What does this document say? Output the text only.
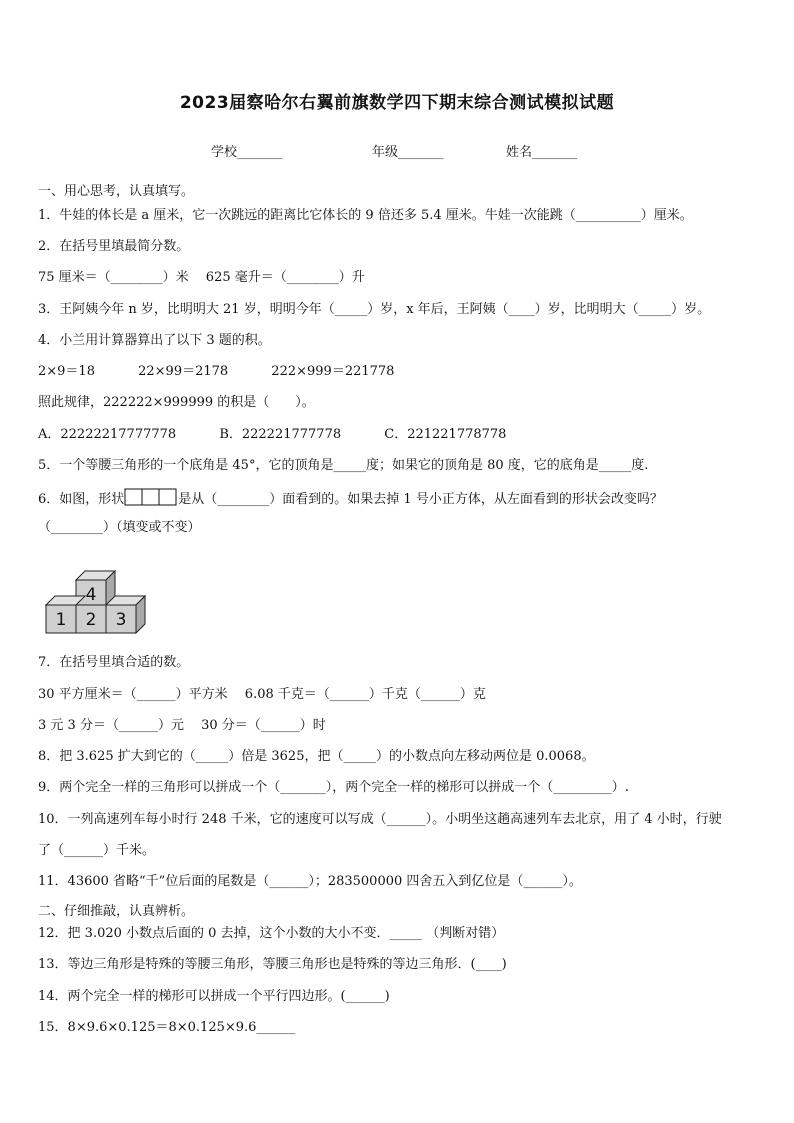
2023届察哈尔右翼前旗数学四下期末综合测试模拟试题
学校_______	年级_______	姓名_______
一、用心思考，认真填写。
1．牛娃的体长是 a 厘米，它一次跳远的距离比它体长的 9 倍还多 5.4 厘米。牛娃一次能跳（__________）厘米。
2．在括号里填最简分数。
75 厘米＝（________）米　 625 毫升＝（________）升
3．王阿姨今年 n 岁，比明明大 21 岁，明明今年（_____）岁，x 年后，王阿姨（____）岁，比明明大（_____）岁。
4．小兰用计算器算出了以下 3 题的积。
2×9＝18　　　 22×99＝2178　　　 222×999＝221778
照此规律，222222×999999 的积是（　　）。
A．22222217777778　　　 B．222221777778　　　 C．221221778778
5．一个等腰三角形的一个底角是 45°，它的顶角是_____度；如果它的顶角是 80 度，它的底角是_____度.
6．如图，形状	是从（________）面看到的。如果去掉 1 号小正方体，从左面看到的形状会改变吗？
（________）（填变或不变）
4
1 2 3
7．在括号里填合适的数。
30 平方厘米＝（______）平方米　 6.08 千克＝（______）千克（______）克
3 元 3 分＝（______）元　 30 分＝（______）时
8．把 3.625 扩大到它的（_____）倍是 3625，把（_____）的小数点向左移动两位是 0.0068。
9．两个完全一样的三角形可以拼成一个（_______），两个完全一样的梯形可以拼成一个（_________）.
10．一列高速列车每小时行 248 千米，它的速度可以写成（______）。小明坐这趟高速列车去北京，用了 4 小时，行驶
了（______）千米。
11．43600 省略“千”位后面的尾数是（______）；283500000 四舍五入到亿位是（______）。
二、仔细推敲，认真辨析。
12．把 3.020 小数点后面的 0 去掉，这个小数的大小不变．_____ （判断对错）
13．等边三角形是特殊的等腰三角形，等腰三角形也是特殊的等边三角形．(____)
14．两个完全一样的梯形可以拼成一个平行四边形。(______)
15．8×9.6×0.125＝8×0.125×9.6______
